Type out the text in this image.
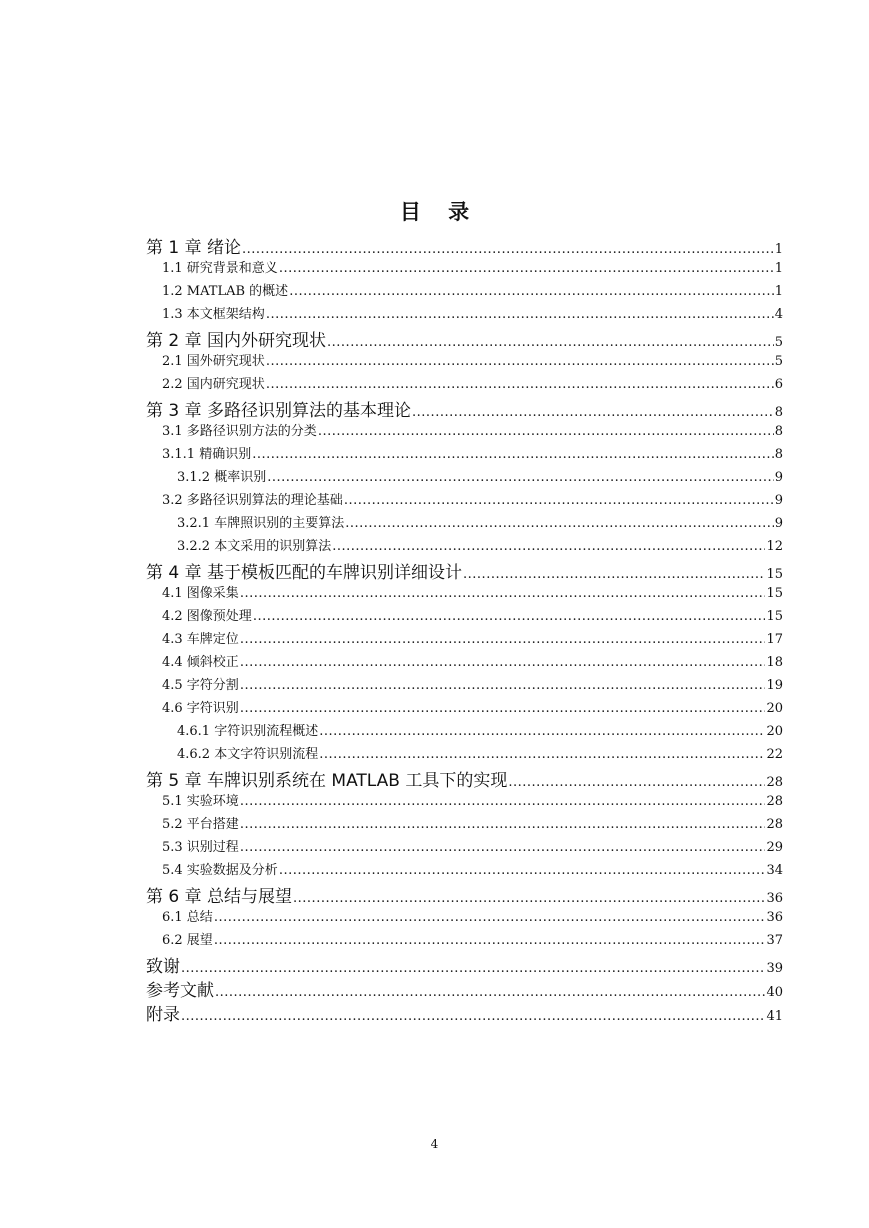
目 录
第 1 章 绪论 .....	1
1.1 研究背景和意义 .....	1
1.2 MATLAB 的概述 .....	1
1.3 本文框架结构 .....	4
第 2 章 国内外研究现状 .....	5
2.1 国外研究现状 .....	5
2.2 国内研究现状 .....	6
第 3 章 多路径识别算法的基本理论 .....	8
3.1 多路径识别方法的分类 .....	8
3.1.1 精确识别 .....	8
3.1.2 概率识别 .....	9
3.2 多路径识别算法的理论基础 .....	9
3.2.1 车牌照识别的主要算法 .....	9
3.2.2 本文采用的识别算法 .....	12
第 4 章 基于模板匹配的车牌识别详细设计 .....	15
4.1 图像采集 .....	15
4.2 图像预处理 .....	15
4.3 车牌定位 .....	17
4.4 倾斜校正 .....	18
4.5 字符分割 .....	19
4.6 字符识别 .....	20
4.6.1 字符识别流程概述 .....	20
4.6.2 本文字符识别流程 .....	22
第 5 章 车牌识别系统在 MATLAB 工具下的实现 .....	28
5.1 实验环境 .....	28
5.2 平台搭建 .....	28
5.3 识别过程 .....	29
5.4 实验数据及分析 .....	34
第 6 章 总结与展望 .....	36
6.1 总结 .....	36
6.2 展望 .....	37
致谢 .....	39
参考文献 .....	40
附录 .....	41
4
